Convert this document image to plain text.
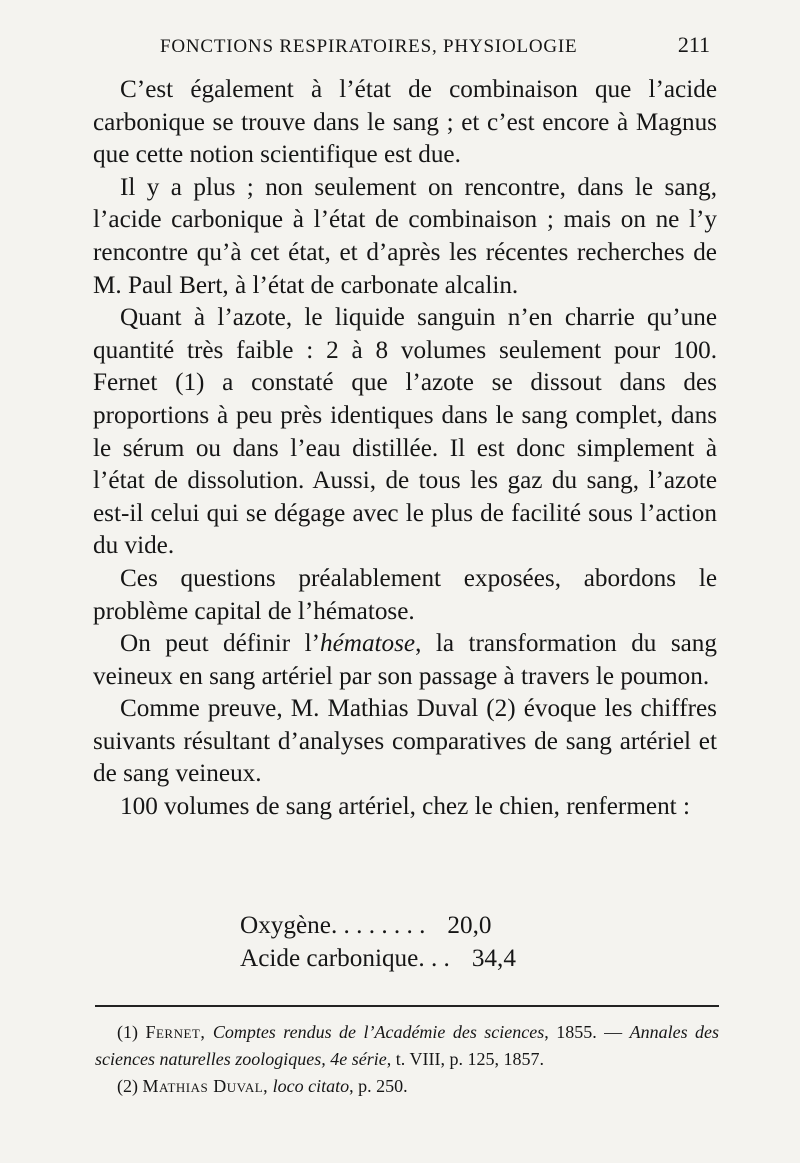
FONCTIONS RESPIRATOIRES, PHYSIOLOGIE	211

C’est également à l’état de combinaison que l’acide carbonique se trouve dans le sang ; et c’est encore à Magnus que cette notion scientifique est due.

Il y a plus ; non seulement on rencontre, dans le sang, l’acide carbonique à l’état de combinaison ; mais on ne l’y rencontre qu’à cet état, et d’après les récentes recherches de M. Paul Bert, à l’état de carbonate alcalin.

Quant à l’azote, le liquide sanguin n’en charrie qu’une quantité très faible : 2 à 8 volumes seulement pour 100. Fernet (1) a constaté que l’azote se dissout dans des proportions à peu près identiques dans le sang complet, dans le sérum ou dans l’eau distillée. Il est donc simplement à l’état de dissolution. Aussi, de tous les gaz du sang, l’azote est-il celui qui se dégage avec le plus de facilité sous l’action du vide.

Ces questions préalablement exposées, abordons le problème capital de l’hématose.

On peut définir l’hématose, la transformation du sang veineux en sang artériel par son passage à travers le poumon.

Comme preuve, M. Mathias Duval (2) évoque les chiffres suivants résultant d’analyses comparatives de sang artériel et de sang veineux.

100 volumes de sang artériel, chez le chien, renferment :

Oxygène . . . . . . . . 20,0
Acide carbonique . . . 34,4

(1) Fernet, Comptes rendus de l’Académie des sciences, 1855. — Annales des sciences naturelles zoologiques, 4e série, t. VIII, p. 125, 1857.

(2) Mathias Duval, loco citato, p. 250.
